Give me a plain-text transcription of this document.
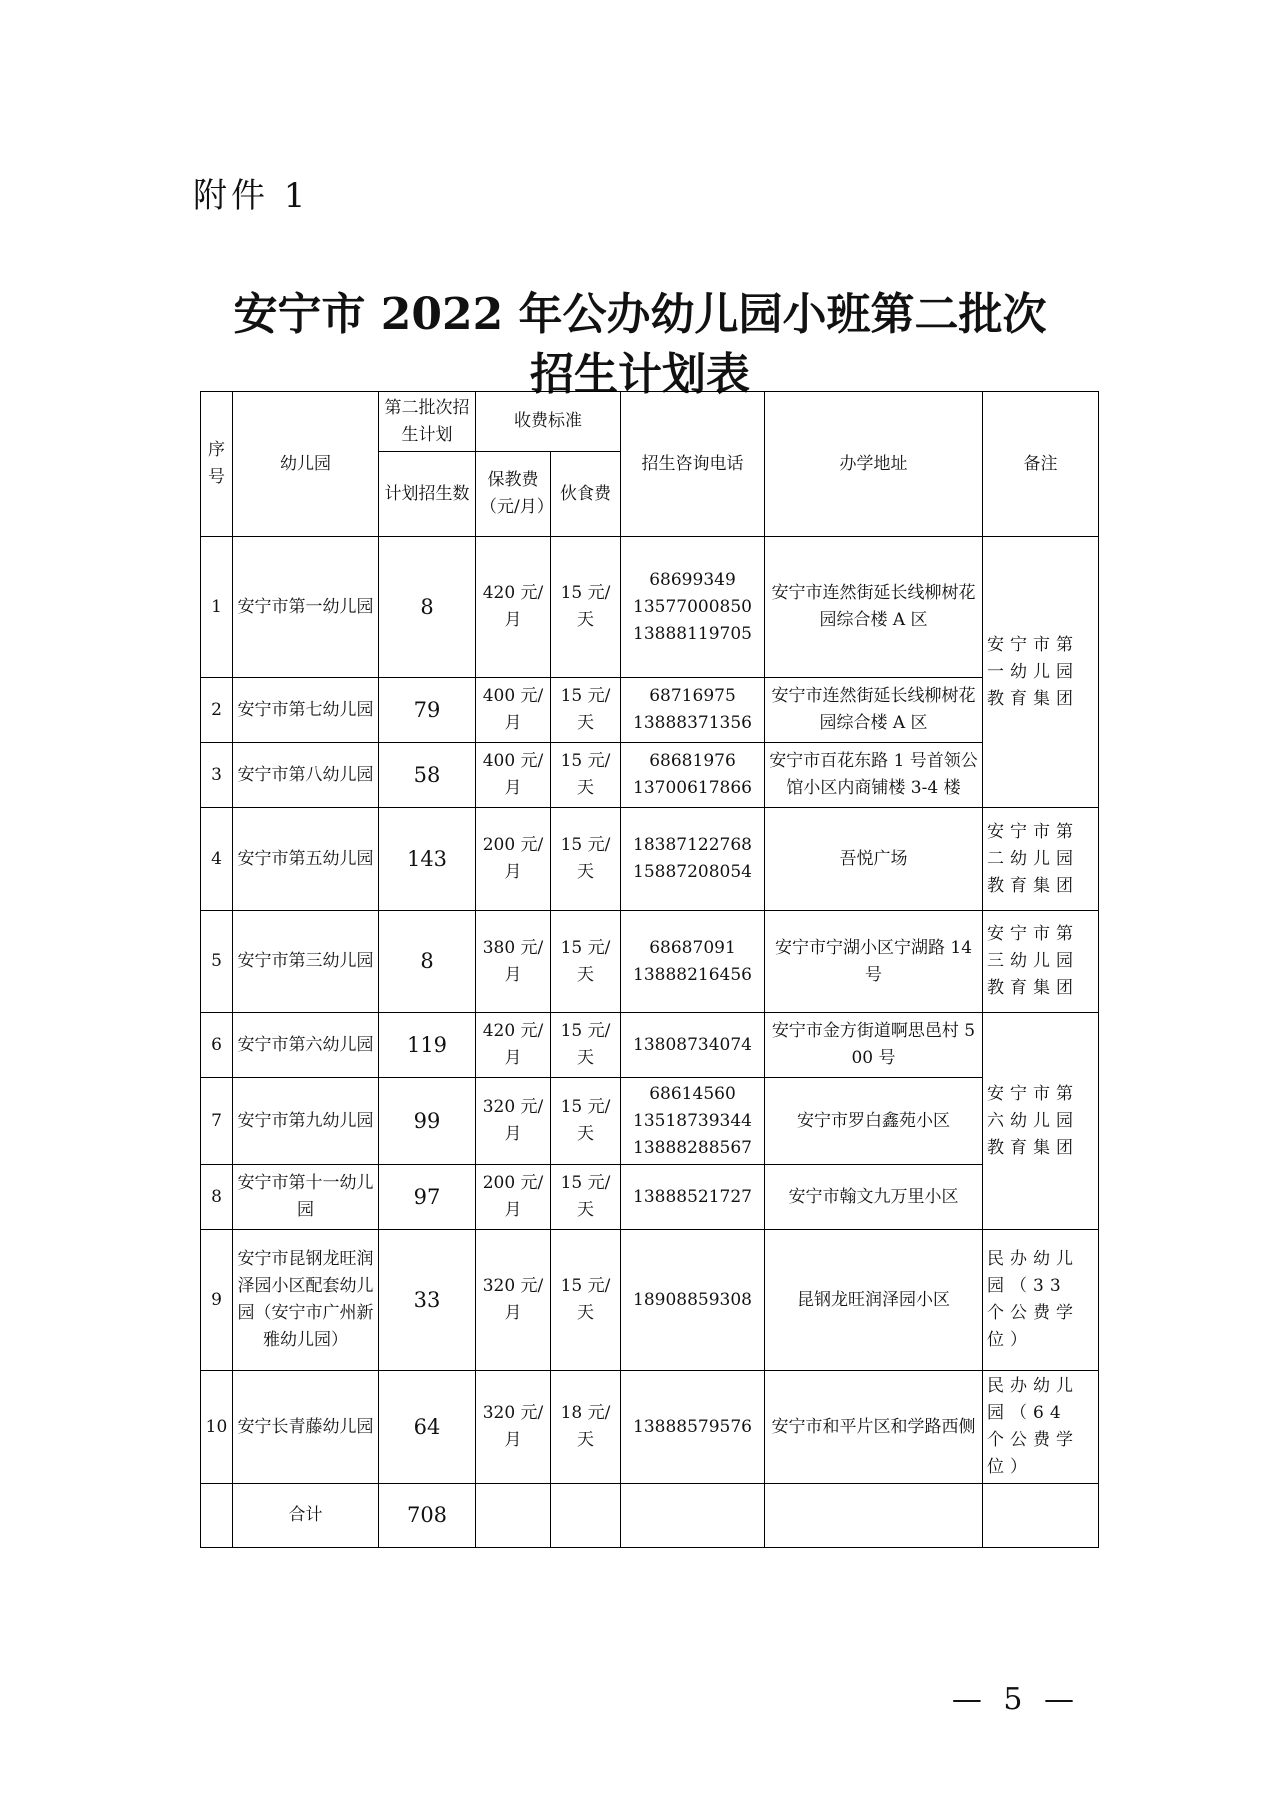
附件 1
安宁市 2022 年公办幼儿园小班第二批次
招生计划表
序号	幼儿园	第二批次招生计划	收费标准		招生咨询电话	办学地址	备注
		计划招生数	保教费（元/月）	伙食费			
1	安宁市第一幼儿园	8	420 元/月	15 元/天	68699349
13577000850
13888119705	安宁市连然街延长线柳树花园综合楼 A 区	安宁市第一幼儿园教育集团
2	安宁市第七幼儿园	79	400 元/月	15 元/天	68716975
13888371356	安宁市连然街延长线柳树花园综合楼 A 区	
3	安宁市第八幼儿园	58	400 元/月	15 元/天	68681976
13700617866	安宁市百花东路 1 号首领公馆小区内商铺楼 3-4 楼	
4	安宁市第五幼儿园	143	200 元/月	15 元/天	18387122768
15887208054	吾悦广场	安宁市第二幼儿园教育集团
5	安宁市第三幼儿园	8	380 元/月	15 元/天	68687091
13888216456	安宁市宁湖小区宁湖路 14 号	安宁市第三幼儿园教育集团
6	安宁市第六幼儿园	119	420 元/月	15 元/天	13808734074	安宁市金方街道啊思邑村 500 号	安宁市第六幼儿园教育集团
7	安宁市第九幼儿园	99	320 元/月	15 元/天	68614560
13518739344
13888288567	安宁市罗白鑫苑小区	
8	安宁市第十一幼儿园	97	200 元/月	15 元/天	13888521727	安宁市翰文九万里小区	
9	安宁市昆钢龙旺润泽园小区配套幼儿园（安宁市广州新雅幼儿园）	33	320 元/月	15 元/天	18908859308	昆钢龙旺润泽园小区	民办幼儿园（33 个公费学位）
10	安宁长青藤幼儿园	64	320 元/月	18 元/天	13888579576	安宁市和平片区和学路西侧	民办幼儿园（64 个公费学位）
	合计	708					
— 5 —
